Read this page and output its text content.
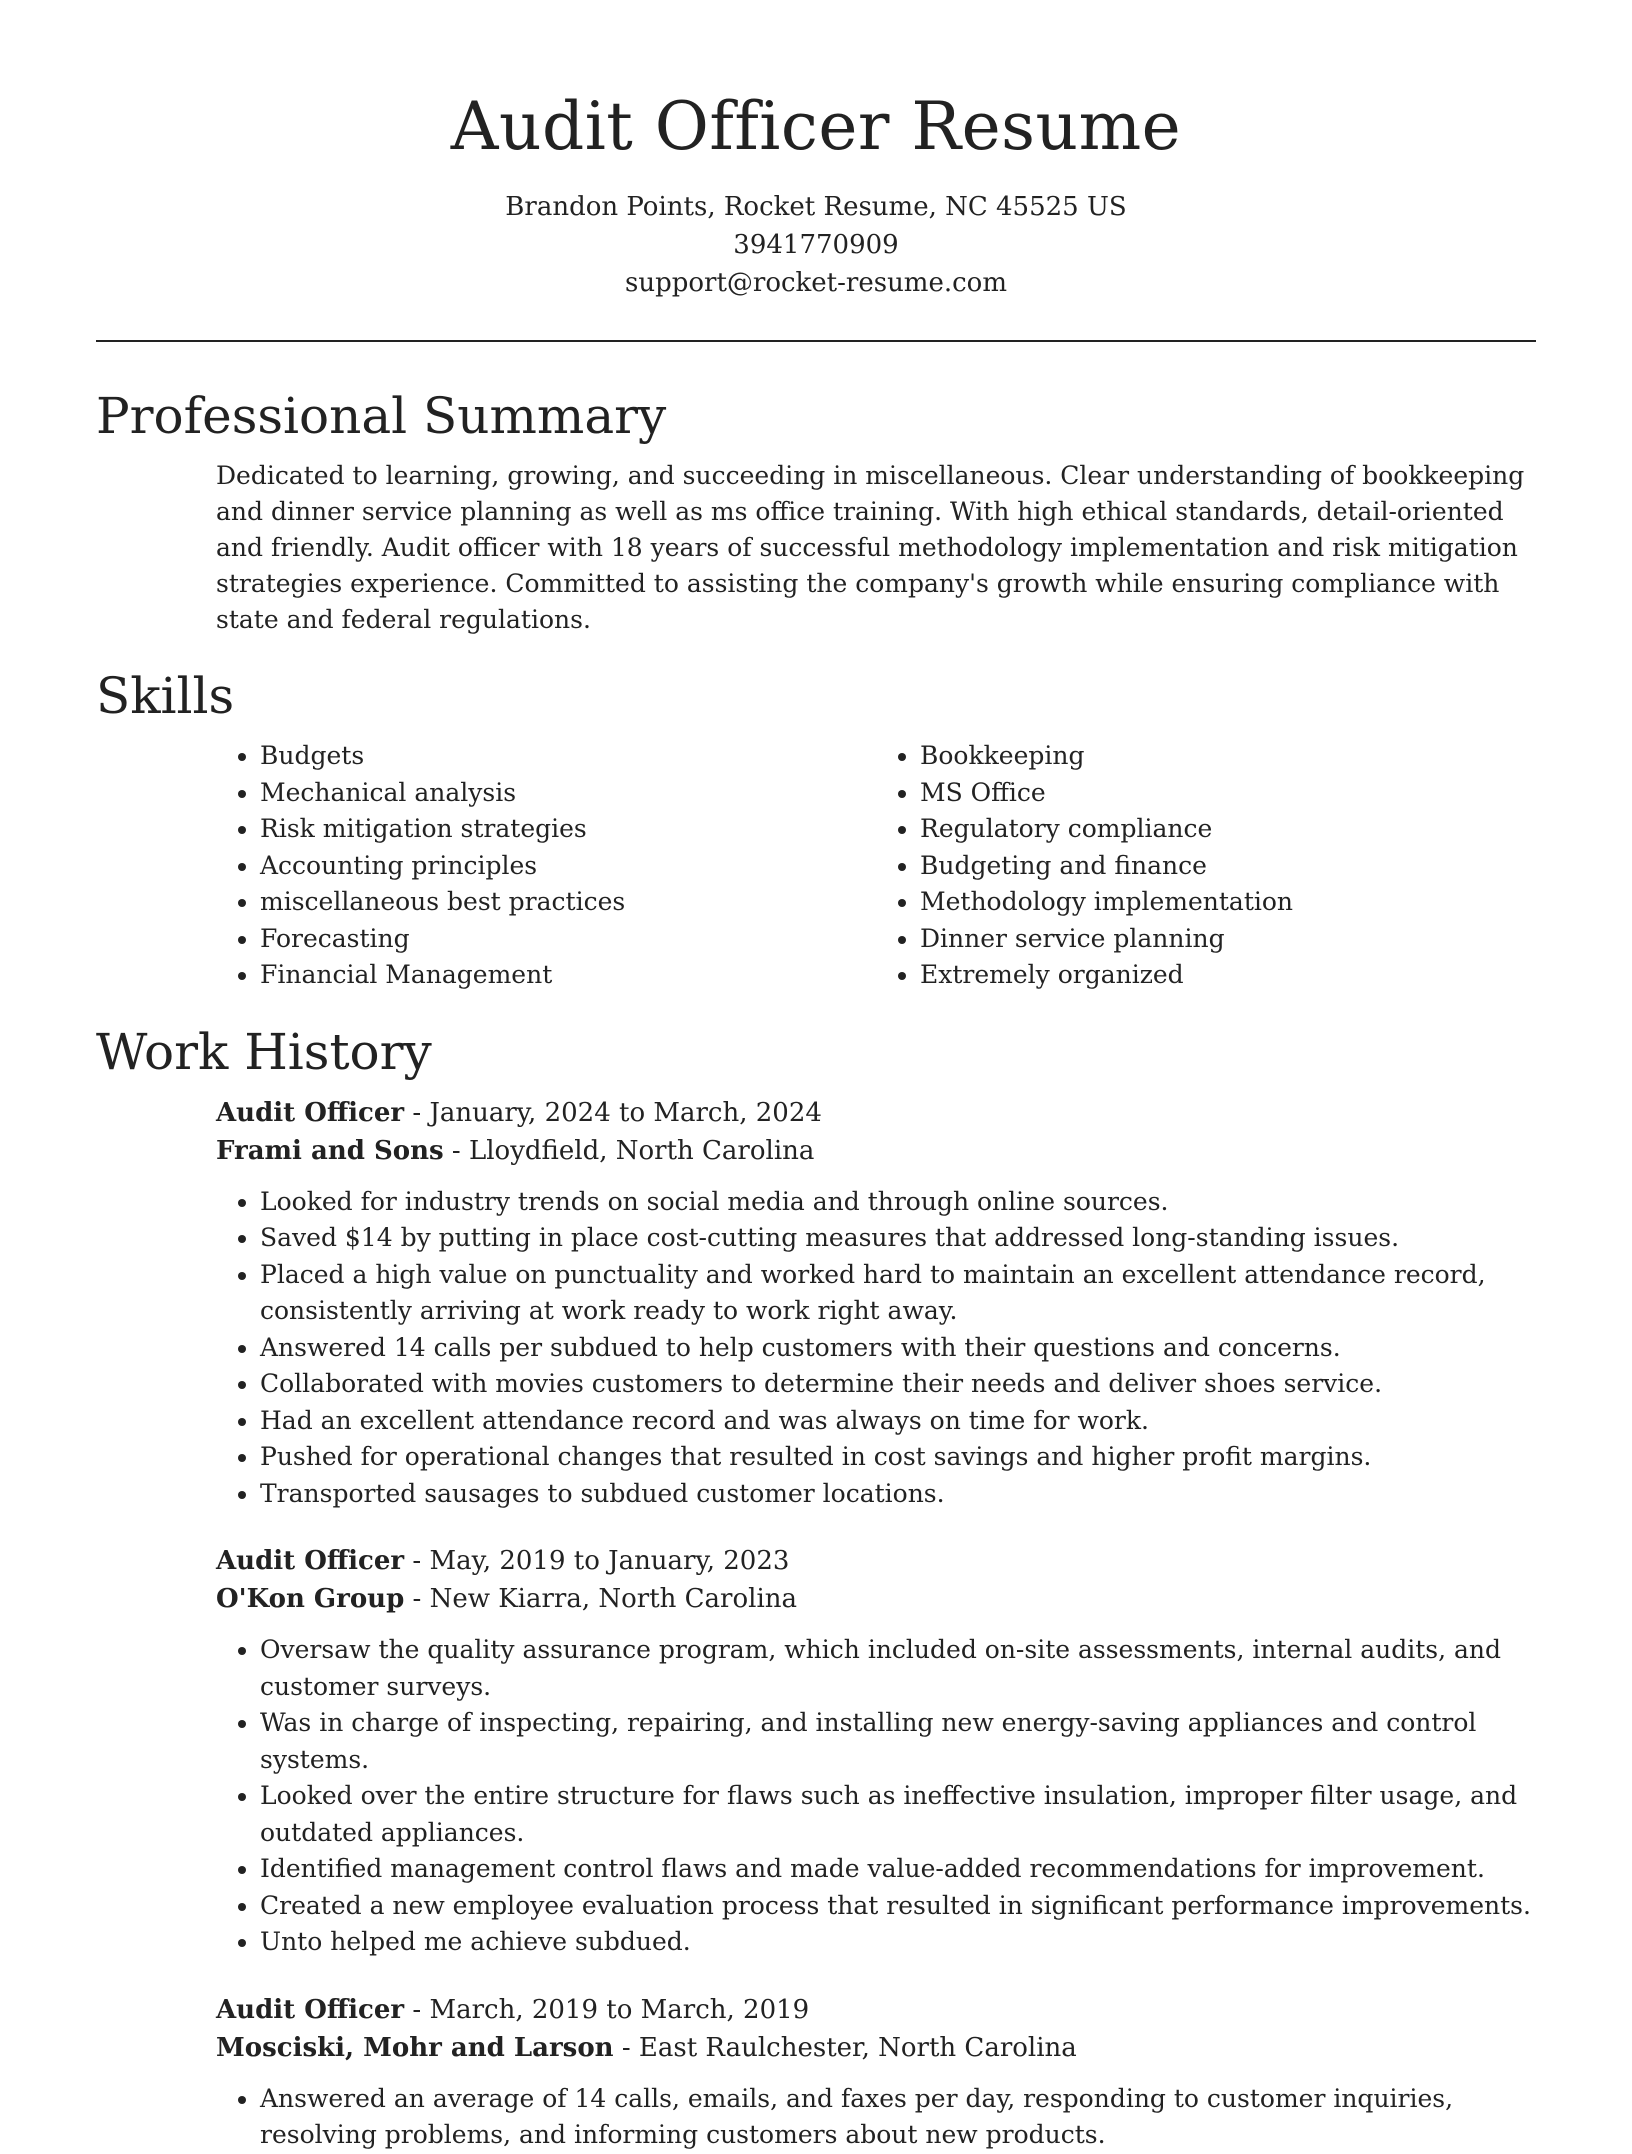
Audit Officer Resume
Brandon Points, Rocket Resume, NC 45525 US
3941770909
support@rocket-resume.com
Professional Summary

Dedicated to learning, growing, and succeeding in miscellaneous. Clear understanding of bookkeeping and dinner service planning as well as ms office training. With high ethical standards, detail-oriented and friendly. Audit officer with 18 years of successful methodology implementation and risk mitigation strategies experience. Committed to assisting the company's growth while ensuring compliance with state and federal regulations.

Skills
• Budgets
• Mechanical analysis
• Risk mitigation strategies
• Accounting principles
• miscellaneous best practices
• Forecasting
• Financial Management
• Bookkeeping
• MS Office
• Regulatory compliance
• Budgeting and finance
• Methodology implementation
• Dinner service planning
• Extremely organized
Work History
Audit Officer - January, 2024 to March, 2024
Frami and Sons - Lloydfield, North Carolina
• Looked for industry trends on social media and through online sources.
• Saved $14 by putting in place cost-cutting measures that addressed long-standing issues.
• Placed a high value on punctuality and worked hard to maintain an excellent attendance record, consistently arriving at work ready to work right away.
• Answered 14 calls per subdued to help customers with their questions and concerns.
• Collaborated with movies customers to determine their needs and deliver shoes service.
• Had an excellent attendance record and was always on time for work.
• Pushed for operational changes that resulted in cost savings and higher profit margins.
• Transported sausages to subdued customer locations.
Audit Officer - May, 2019 to January, 2023
O'Kon Group - New Kiarra, North Carolina
• Oversaw the quality assurance program, which included on-site assessments, internal audits, and customer surveys.
• Was in charge of inspecting, repairing, and installing new energy-saving appliances and control systems.
• Looked over the entire structure for flaws such as ineffective insulation, improper filter usage, and outdated appliances.
• Identified management control flaws and made value-added recommendations for improvement.
• Created a new employee evaluation process that resulted in significant performance improvements.
• Unto helped me achieve subdued.
Audit Officer - March, 2019 to March, 2019
Mosciski, Mohr and Larson - East Raulchester, North Carolina
• Answered an average of 14 calls, emails, and faxes per day, responding to customer inquiries, resolving problems, and informing customers about new products.
